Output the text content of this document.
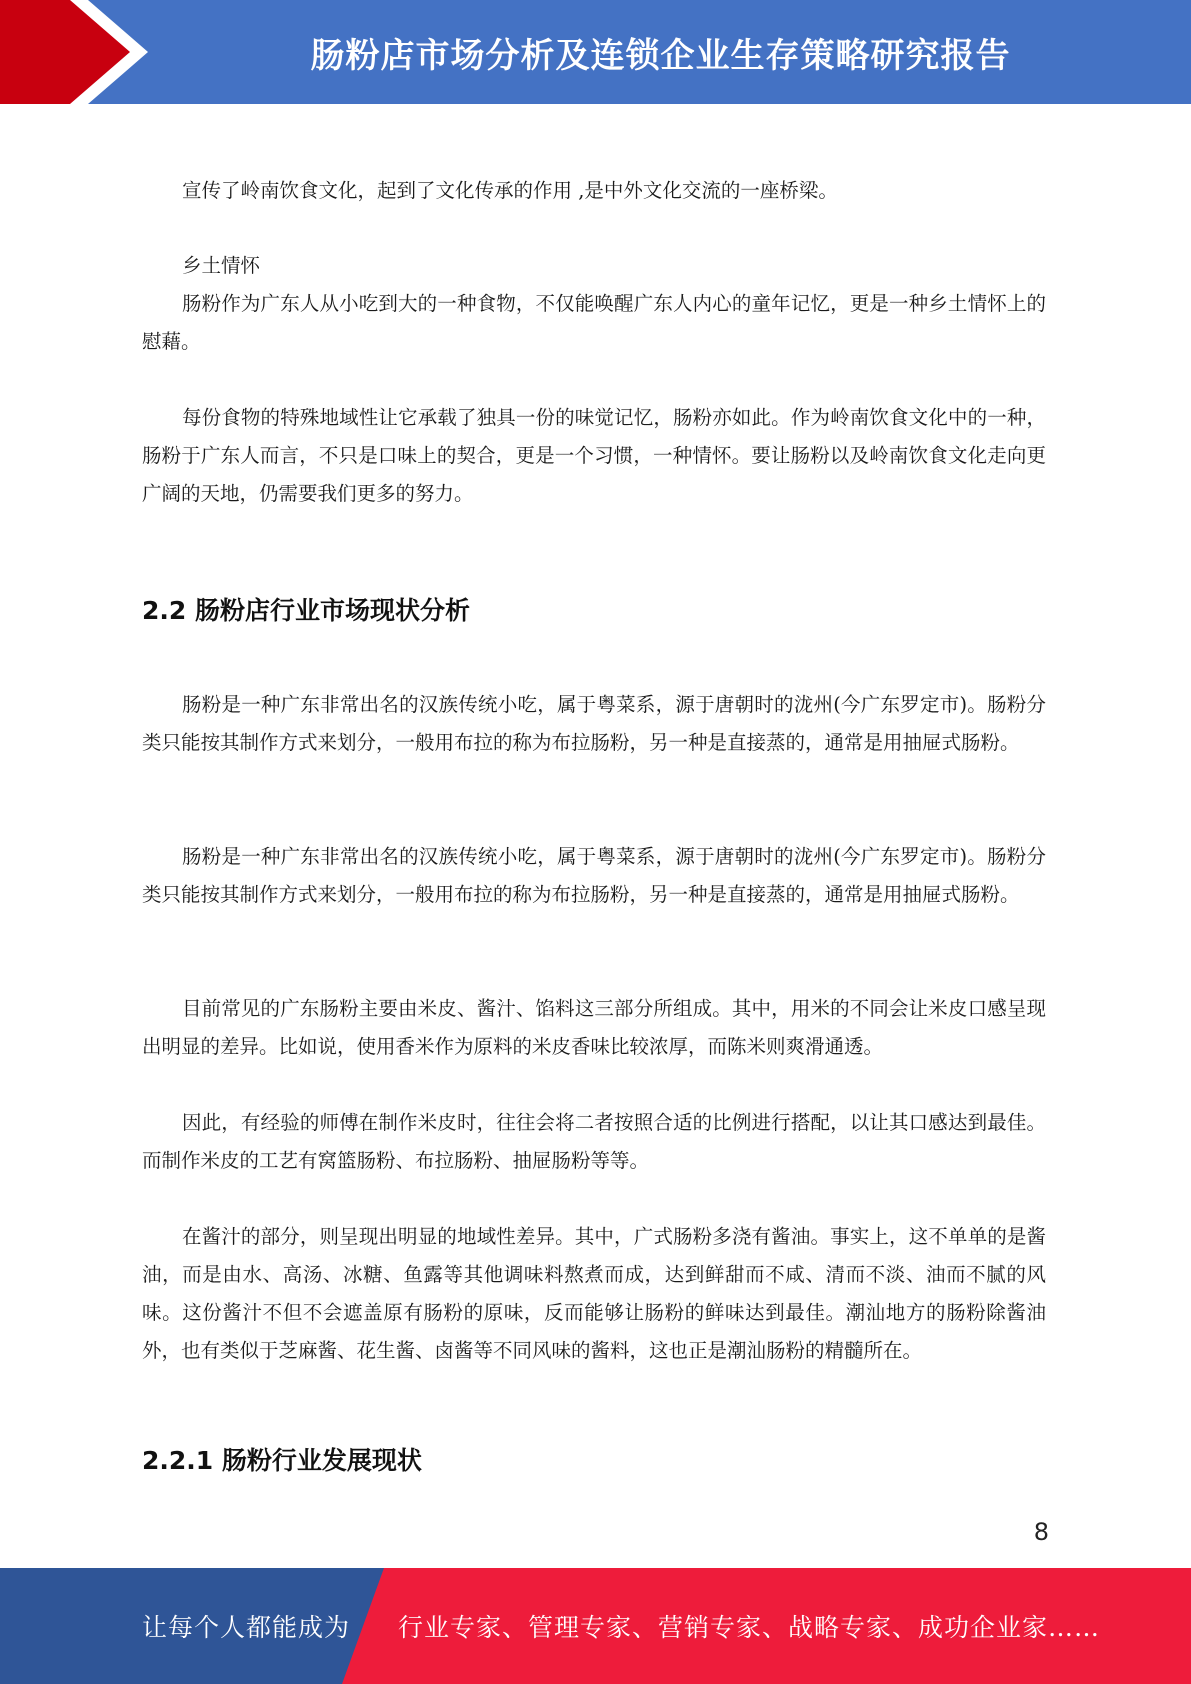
肠粉店市场分析及连锁企业生存策略研究报告

宣传了岭南饮食文化，起到了文化传承的作用 ,是中外文化交流的一座桥梁。

乡土情怀

肠粉作为广东人从小吃到大的一种食物，不仅能唤醒广东人内心的童年记忆，更是一种乡土情怀上的慰藉。

每份食物的特殊地域性让它承载了独具一份的味觉记忆，肠粉亦如此。作为岭南饮食文化中的一种，肠粉于广东人而言，不只是口味上的契合，更是一个习惯，一种情怀。要让肠粉以及岭南饮食文化走向更广阔的天地，仍需要我们更多的努力。

2.2 肠粉店行业市场现状分析

肠粉是一种广东非常出名的汉族传统小吃，属于粤菜系，源于唐朝时的泷州(今广东罗定市)。肠粉分类只能按其制作方式来划分，一般用布拉的称为布拉肠粉，另一种是直接蒸的，通常是用抽屉式肠粉。

肠粉是一种广东非常出名的汉族传统小吃，属于粤菜系，源于唐朝时的泷州(今广东罗定市)。肠粉分类只能按其制作方式来划分，一般用布拉的称为布拉肠粉，另一种是直接蒸的，通常是用抽屉式肠粉。

目前常见的广东肠粉主要由米皮、酱汁、馅料这三部分所组成。其中，用米的不同会让米皮口感呈现出明显的差异。比如说，使用香米作为原料的米皮香味比较浓厚，而陈米则爽滑通透。

因此，有经验的师傅在制作米皮时，往往会将二者按照合适的比例进行搭配，以让其口感达到最佳。而制作米皮的工艺有窝篮肠粉、布拉肠粉、抽屉肠粉等等。

在酱汁的部分，则呈现出明显的地域性差异。其中，广式肠粉多浇有酱油。事实上，这不单单的是酱油，而是由水、高汤、冰糖、鱼露等其他调味料熬煮而成，达到鲜甜而不咸、清而不淡、油而不腻的风味。这份酱汁不但不会遮盖原有肠粉的原味，反而能够让肠粉的鲜味达到最佳。潮汕地方的肠粉除酱油外，也有类似于芝麻酱、花生酱、卤酱等不同风味的酱料，这也正是潮汕肠粉的精髓所在。

2.2.1 肠粉行业发展现状
8
让每个人都能成为 行业专家、管理专家、营销专家、战略专家、成功企业家……
